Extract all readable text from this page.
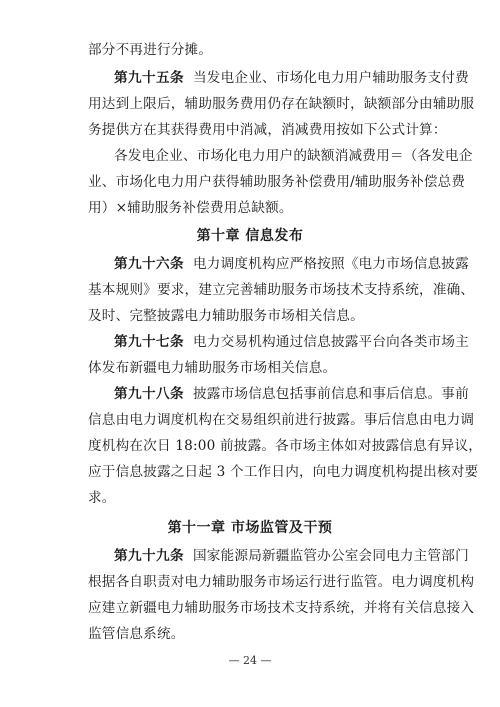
部分不再进行分摊。
第九十五条 当发电企业、市场化电力用户辅助服务支付费
用达到上限后，辅助服务费用仍存在缺额时，缺额部分由辅助服
务提供方在其获得费用中消减，消减费用按如下公式计算：
各发电企业、市场化电力用户的缺额消减费用＝（各发电企
业、市场化电力用户获得辅助服务补偿费用/辅助服务补偿总费
用）×辅助服务补偿费用总缺额。
第十章 信息发布
第九十六条 电力调度机构应严格按照《电力市场信息披露
基本规则》要求，建立完善辅助服务市场技术支持系统，准确、
及时、完整披露电力辅助服务市场相关信息。
第九十七条 电力交易机构通过信息披露平台向各类市场主
体发布新疆电力辅助服务市场相关信息。
第九十八条 披露市场信息包括事前信息和事后信息。事前
信息由电力调度机构在交易组织前进行披露。事后信息由电力调
度机构在次日 18:00 前披露。各市场主体如对披露信息有异议，
应于信息披露之日起 3 个工作日内，向电力调度机构提出核对要
求。
第十一章 市场监管及干预
第九十九条 国家能源局新疆监管办公室会同电力主管部门
根据各自职责对电力辅助服务市场运行进行监管。电力调度机构
应建立新疆电力辅助服务市场技术支持系统，并将有关信息接入
— 24 —
监管信息系统。
